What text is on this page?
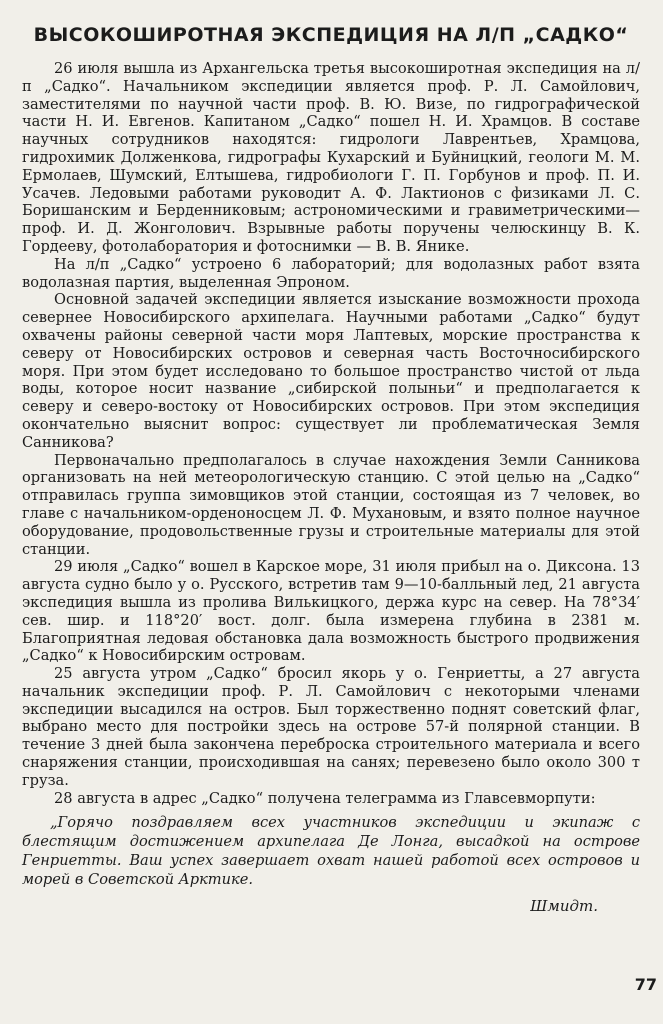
ВЫСОКОШИРОТНАЯ ЭКСПЕДИЦИЯ НА Л/П „САДКО“

26 июля вышла из Архангельска третья высокоширотная экспедиция на л/п „Садко“. Начальником экспедиции является проф. Р. Л. Самойлович, заместителями по научной части проф. В. Ю. Визе, по гидрографической части Н. И. Евгенов. Капитаном „Садко“ пошел Н. И. Храмцов. В составе научных сотрудников находятся: гидрологи Лаврентьев, Храмцова, гидрохимик Долженкова, гидрографы Кухарский и Буйницкий, геологи М. М. Ермолаев, Шумский, Елтышева, гидробиологи Г. П. Горбунов и проф. П. И. Усачев. Ледовыми работами руководит А. Ф. Лактионов с физиками Л. С. Боришанским и Берденниковым; астрономическими и гравиметрическими—проф. И. Д. Жонголович. Взрывные работы поручены челюскинцу В. К. Гордееву, фотолаборатория и фотоснимки — В. В. Янике.

На л/п „Садко“ устроено 6 лабораторий; для водолазных работ взята водолазная партия, выделенная Эпроном.

Основной задачей экспедиции является изыскание возможности прохода севернее Новосибирского архипелага. Научными работами „Садко“ будут охвачены районы северной части моря Лаптевых, морские пространства к северу от Новосибирских островов и северная часть Восточносибирского моря. При этом будет исследовано то большое пространство чистой от льда воды, которое носит название „сибирской полыньи“ и предполагается к северу и северо-востоку от Новосибирских островов. При этом экспедиция окончательно выяснит вопрос: существует ли проблематическая Земля Санникова?

Первоначально предполагалось в случае нахождения Земли Санникова организовать на ней метеорологическую станцию. С этой целью на „Садко“ отправилась группа зимовщиков этой станции, состоящая из 7 человек, во главе с начальником-орденоносцем Л. Ф. Мухановым, и взято полное научное оборудование, продовольственные грузы и строительные материалы для этой станции.

29 июля „Садко“ вошел в Карское море, 31 июля прибыл на о. Диксона. 13 августа судно было у о. Русского, встретив там 9—10-балльный лед, 21 августа экспедиция вышла из пролива Вилькицкого, держа курс на север. На 78°34′ сев. шир. и 118°20′ вост. долг. была измерена глубина в 2381 м. Благоприятная ледовая обстановка дала возможность быстрого продвижения „Садко“ к Новосибирским островам.

25 августа утром „Садко“ бросил якорь у о. Генриетты, а 27 августа начальник экспедиции проф. Р. Л. Самойлович с некоторыми членами экспедиции высадился на остров. Был торжественно поднят советский флаг, выбрано место для постройки здесь на острове 57-й полярной станции. В течение 3 дней была закончена переброска строительного материала и всего снаряжения станции, происходившая на санях; перевезено было около 300 т груза.

28 августа в адрес „Садко“ получена телеграмма из Главсевморпути:

„Горячо поздравляем всех участников экспедиции и экипаж с блестящим достижением архипелага Де Лонга, высадкой на острове Генриетты. Ваш успех завершает охват нашей работой всех островов и морей в Советской Арктике.

Шмидт.
77
